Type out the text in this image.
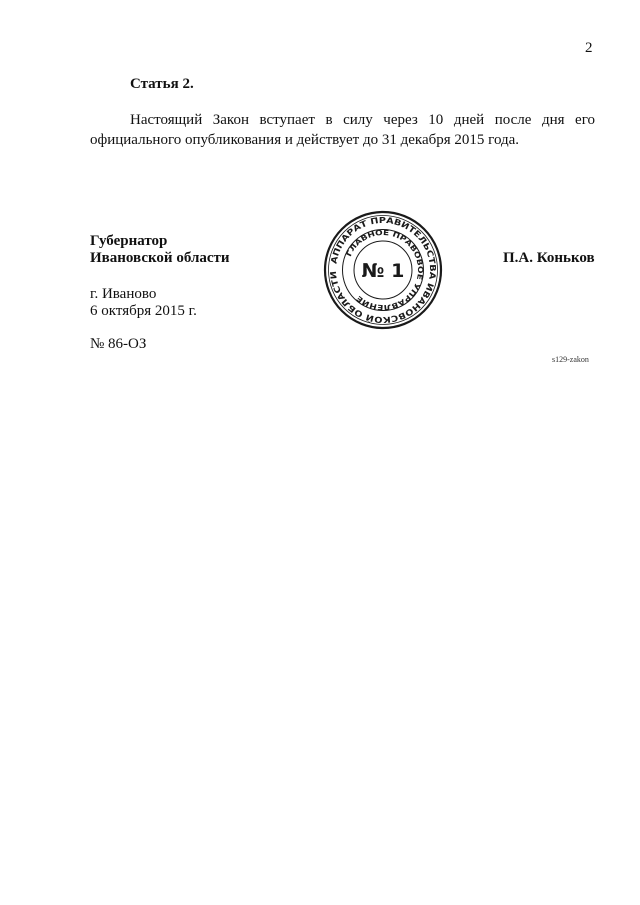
2
Статья 2.
Настоящий Закон вступает в силу через 10 дней после дня его
официального опубликования и действует до 31 декабря 2015 года.
Губернатор
Ивановской области	П.А. Коньков
г. Иваново
6 октября 2015 г.
№ 86-ОЗ
s129-zakon
АППАРАТ ПРАВИТЕЛЬСТВА ИВАНОВСКОЙ ОБЛАСТИ
ГЛАВНОЕ ПРАВОВОЕ УПРАВЛЕНИЕ
№ 1
